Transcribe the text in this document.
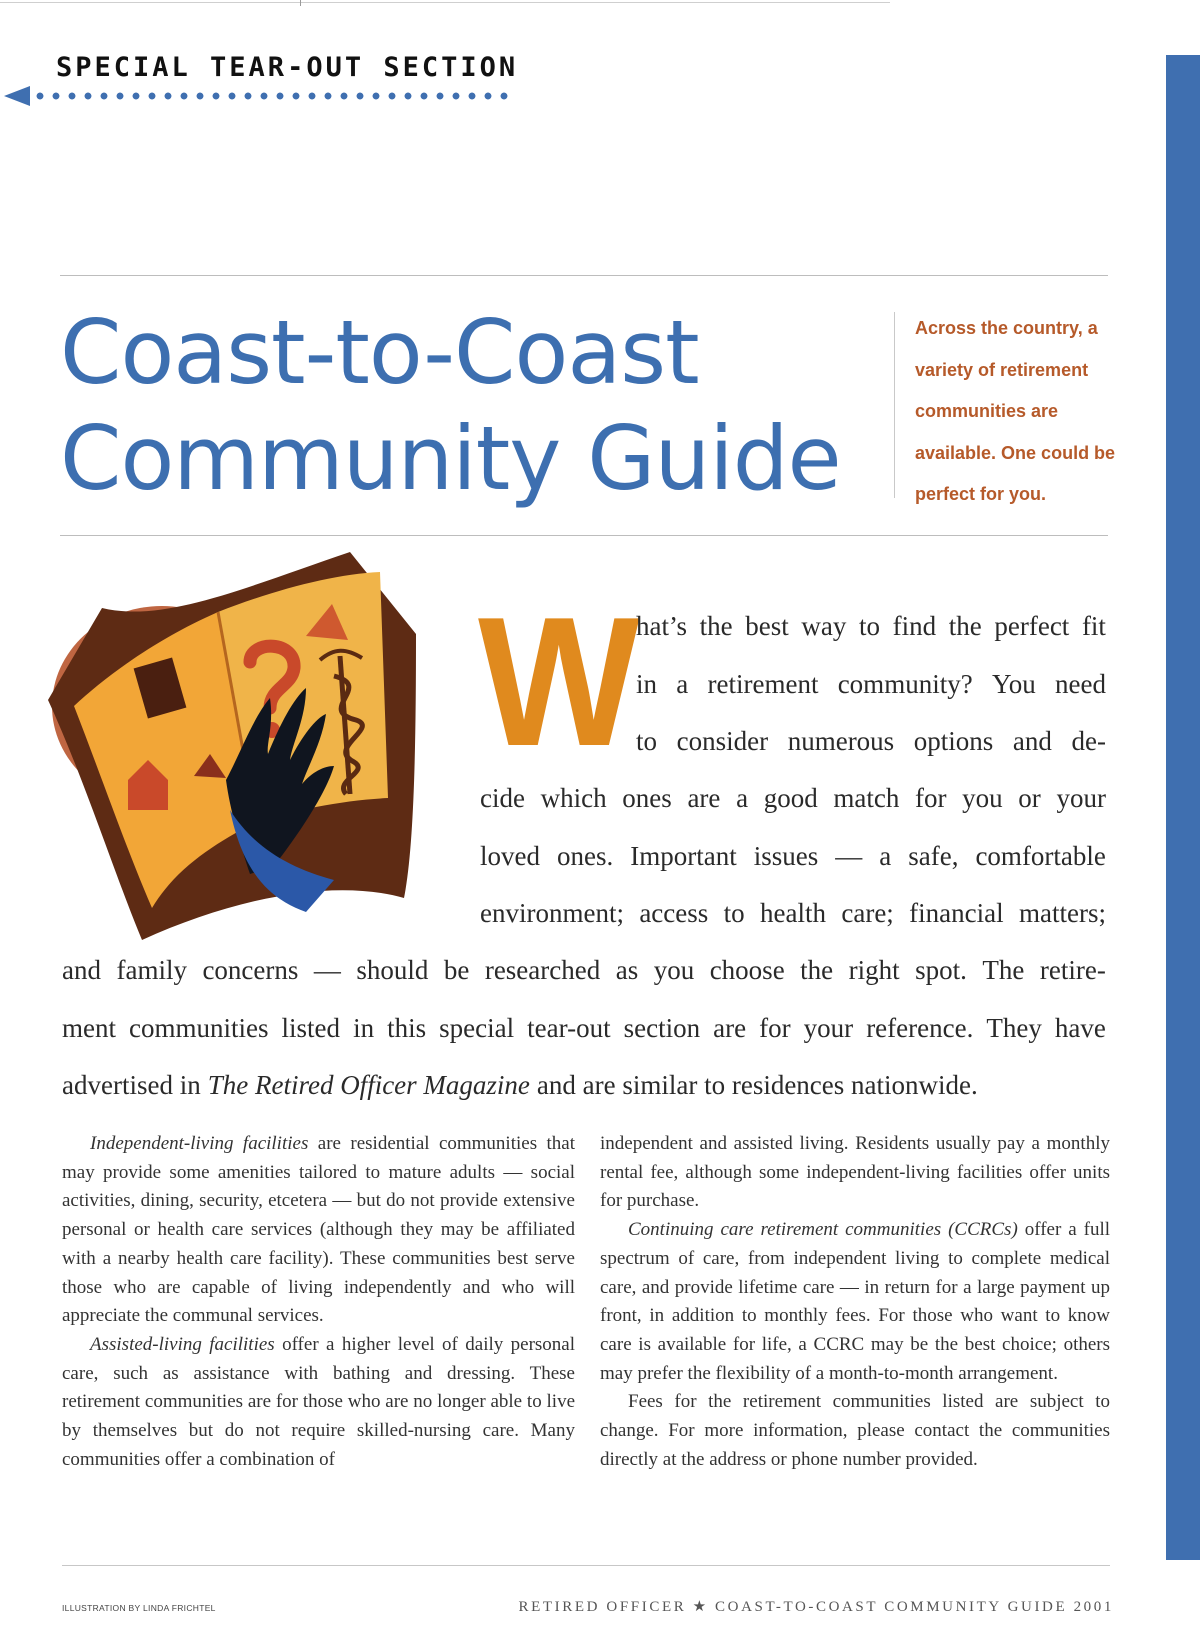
SPECIAL TEAR-OUT SECTION
Coast-to-Coast
Community Guide
Across the country, a variety of retirement communities are available. One could be perfect for you.
W
hat’s the best way to find the perfect fit
in a retirement community? You need
to consider numerous options and de-
cide which ones are a good match for you or your
loved ones. Important issues — a safe, comfortable
environment; access to health care; financial matters;
and family concerns — should be researched as you choose the right spot. The retire-
ment communities listed in this special tear-out section are for your reference. They have
advertised in The Retired Officer Magazine and are similar to residences nationwide.

Independent-living facilities are residential communities that may provide some amenities tailored to mature adults — social activities, dining, security, etcetera — but do not provide extensive personal or health care services (although they may be affiliated with a nearby health care facility). These communities best serve those who are capable of living independently and who will appreciate the communal services.

Assisted-living facilities offer a higher level of daily personal care, such as assistance with bathing and dressing. These retirement communities are for those who are no longer able to live by themselves but do not require skilled-nursing care. Many communities offer a combination of

independent and assisted living. Residents usually pay a monthly rental fee, although some independent-living facilities offer units for purchase.

Continuing care retirement communities (CCRCs) offer a full spectrum of care, from independent living to complete medical care, and provide lifetime care — in return for a large payment up front, in addition to monthly fees. For those who want to know care is available for life, a CCRC may be the best choice; others may prefer the flexibility of a month-to-month arrangement.

Fees for the retirement communities listed are subject to change. For more information, please contact the communities directly at the address or phone number provided.

ILLUSTRATION BY LINDA FRICHTEL	RETIRED OFFICER ★ COAST-TO-COAST COMMUNITY GUIDE 2001
